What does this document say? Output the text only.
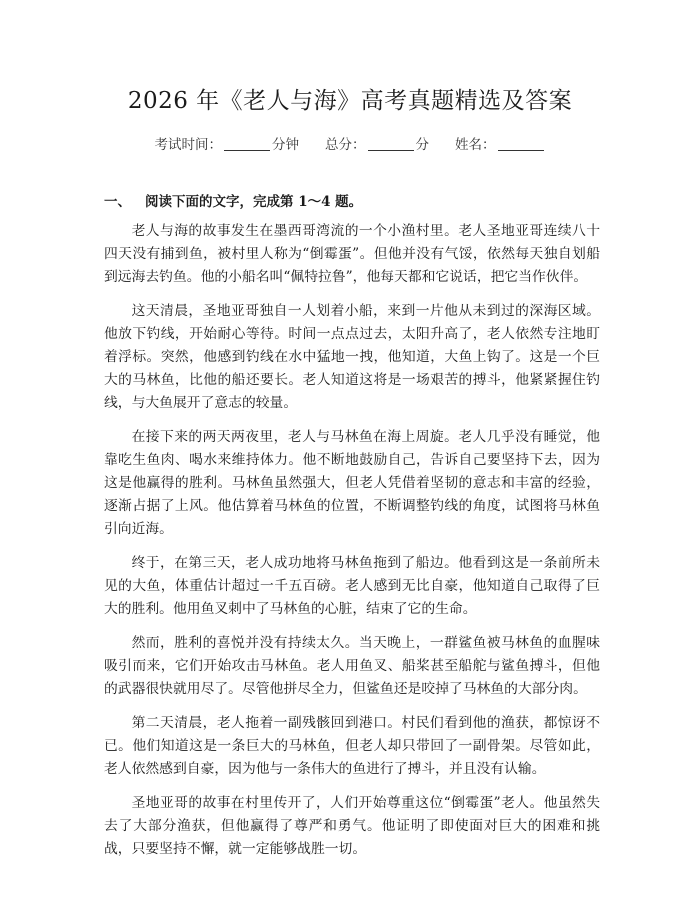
2026 年《老人与海》高考真题精选及答案
考试时间：	分钟 总分：	分 姓名：
一、 阅读下面的文字，完成第 1～4 题。

老人与海的故事发生在墨西哥湾流的一个小渔村里。老人圣地亚哥连续八十四天没有捕到鱼，被村里人称为“倒霉蛋”。但他并没有气馁，依然每天独自划船到远海去钓鱼。他的小船名叫“佩特拉鲁”，他每天都和它说话，把它当作伙伴。

这天清晨，圣地亚哥独自一人划着小船，来到一片他从未到过的深海区域。他放下钓线，开始耐心等待。时间一点点过去，太阳升高了，老人依然专注地盯着浮标。突然，他感到钓线在水中猛地一拽，他知道，大鱼上钩了。这是一个巨大的马林鱼，比他的船还要长。老人知道这将是一场艰苦的搏斗，他紧紧握住钓线，与大鱼展开了意志的较量。

在接下来的两天两夜里，老人与马林鱼在海上周旋。老人几乎没有睡觉，他靠吃生鱼肉、喝水来维持体力。他不断地鼓励自己，告诉自己要坚持下去，因为这是他赢得的胜利。马林鱼虽然强大，但老人凭借着坚韧的意志和丰富的经验，逐渐占据了上风。他估算着马林鱼的位置，不断调整钓线的角度，试图将马林鱼引向近海。

终于，在第三天，老人成功地将马林鱼拖到了船边。他看到这是一条前所未见的大鱼，体重估计超过一千五百磅。老人感到无比自豪，他知道自己取得了巨大的胜利。他用鱼叉刺中了马林鱼的心脏，结束了它的生命。

然而，胜利的喜悦并没有持续太久。当天晚上，一群鲨鱼被马林鱼的血腥味吸引而来，它们开始攻击马林鱼。老人用鱼叉、船桨甚至船舵与鲨鱼搏斗，但他的武器很快就用尽了。尽管他拼尽全力，但鲨鱼还是咬掉了马林鱼的大部分肉。

第二天清晨，老人拖着一副残骸回到港口。村民们看到他的渔获，都惊讶不已。他们知道这是一条巨大的马林鱼，但老人却只带回了一副骨架。尽管如此，老人依然感到自豪，因为他与一条伟大的鱼进行了搏斗，并且没有认输。

圣地亚哥的故事在村里传开了，人们开始尊重这位“倒霉蛋”老人。他虽然失去了大部分渔获，但他赢得了尊严和勇气。他证明了即使面对巨大的困难和挑战，只要坚持不懈，就一定能够战胜一切。
